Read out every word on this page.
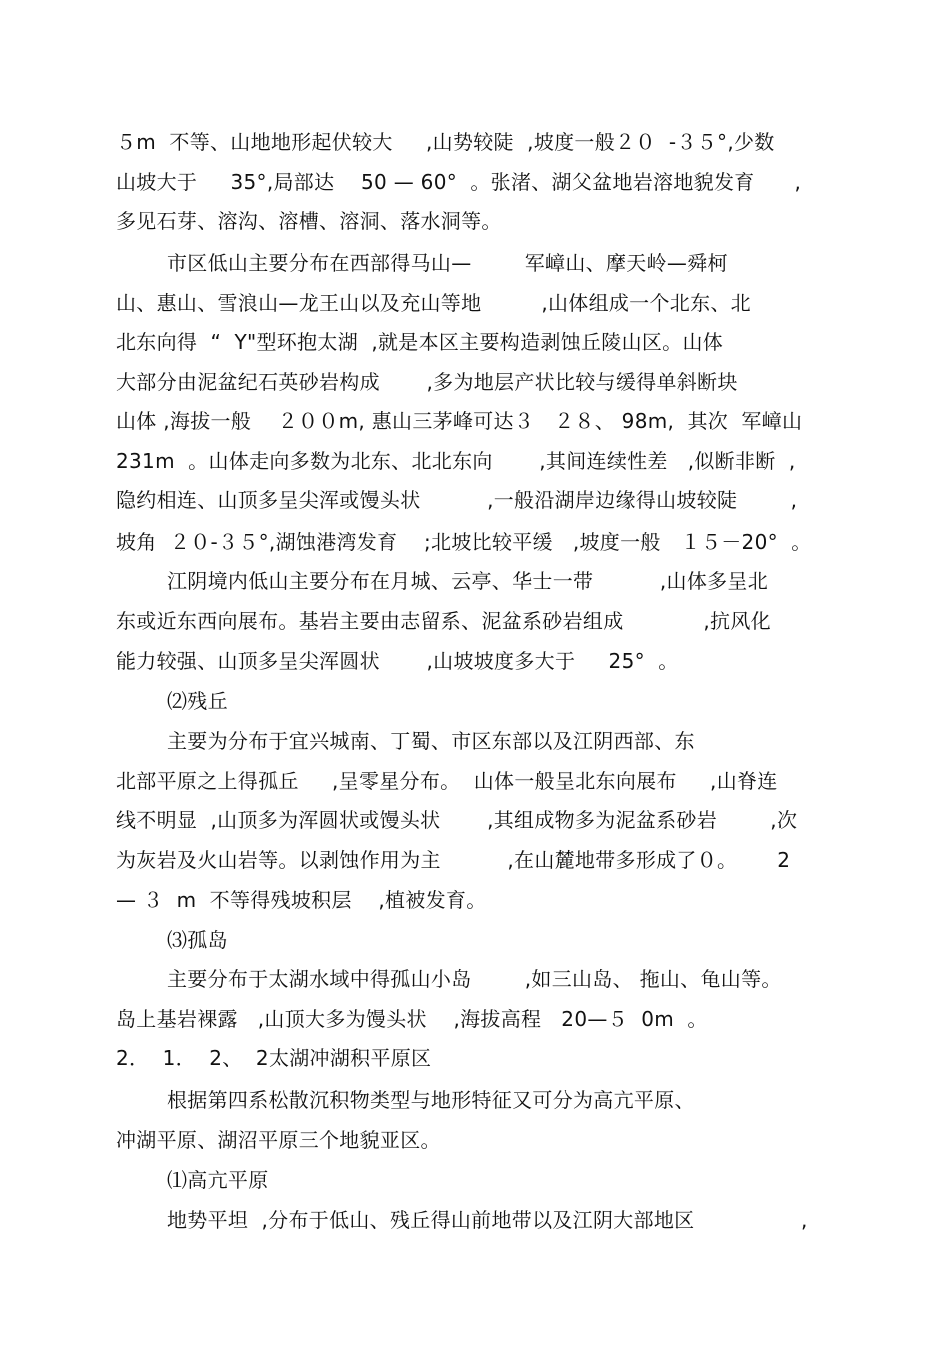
５m  不等、山地地形起伏较大     ,山势较陡  ,坡度一般２０  -３５°,少数
山坡大于     35°,局部达    50 — 60°  。张渚、湖父盆地岩溶地貌发育      ,
多见石芽、溶沟、溶槽、溶洞、落水洞等。
市区低山主要分布在西部得马山—        军嶂山、摩天岭—舜柯
山、惠山、雪浪山—龙王山以及充山等地         ,山体组成一个北东、北
北东向得  “  Y"型环抱太湖  ,就是本区主要构造剥蚀丘陵山区。山体
大部分由泥盆纪石英砂岩构成       ,多为地层产状比较与缓得单斜断块
山体 ,海拔一般    ２００m, 惠山三茅峰可达３   ２８、 98m,  其次  军嶂山
231m  。山体走向多数为北东、北北东向       ,其间连续性差   ,似断非断  ,
隐约相连、山顶多呈尖浑或馒头状          ,一般沿湖岸边缘得山坡较陡        ,
坡角  ２０-３５°,湖蚀港湾发育    ;北坡比较平缓   ,坡度一般   １５－20°  。
江阴境内低山主要分布在月城、云亭、华士一带          ,山体多呈北
东或近东西向展布。基岩主要由志留系、泥盆系砂岩组成            ,抗风化
能力较强、山顶多呈尖浑圆状       ,山坡坡度多大于     25°  。
⑵残丘
主要为分布于宜兴城南、丁蜀、市区东部以及江阴西部、东
北部平原之上得孤丘     ,呈零星分布。  山体一般呈北东向展布     ,山脊连
线不明显  ,山顶多为浑圆状或馒头状       ,其组成物多为泥盆系砂岩        ,次
为灰岩及火山岩等。以剥蚀作用为主          ,在山麓地带多形成了０。      2
— ３  m  不等得残坡积层    ,植被发育。
⑶孤岛
主要分布于太湖水域中得孤山小岛        ,如三山岛、 拖山、龟山等。
岛上基岩裸露   ,山顶大多为馒头状    ,海拔高程   20—５  0m  。
2．  1．  2、  2太湖冲湖积平原区
根据第四系松散沉积物类型与地形特征又可分为高亢平原、
冲湖平原、湖沼平原三个地貌亚区。
⑴高亢平原
地势平坦  ,分布于低山、残丘得山前地带以及江阴大部地区                ,
